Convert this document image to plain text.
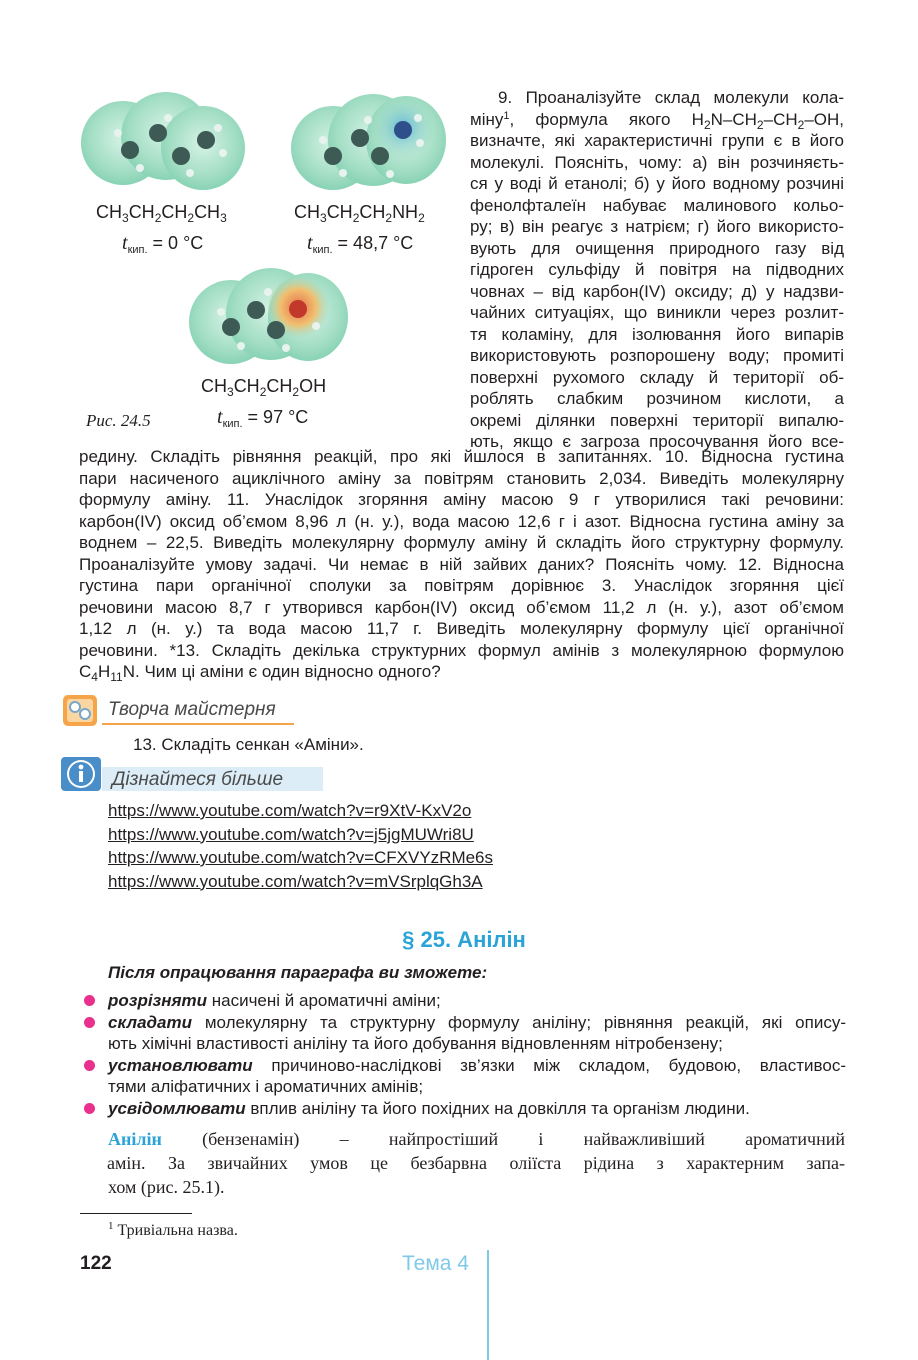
$CH_3CH_2CH_2CH_3$
$t_{кип.} = 0$ °C
$CH_3CH_2CH_2NH_2$
$t_{кип.} = 48,7$ °C
$CH_3CH_2CH_2OH$
$t_{кип.} = 97$ °C
Рис. 24.5
9. Проаналізуйте склад молекули кола-
міну$^1$, формула якого $H_2N-CH_2-CH_2-OH$,
визначте, які характеристичні групи є в його
молекулі. Поясніть, чому: а) він розчиняєть-
ся у воді й етанолі; б) у його водному розчині
фенолфталеїн набуває малинового кольо-
ру; в) він реагує з натрієм; г) його використо-
вують для очищення природного газу від
гідроген сульфіду й повітря на підводних
човнах – від карбон(IV) оксиду; д) у надзви-
чайних ситуаціях, що виникли через розлит-
тя коламіну, для ізолювання його випарів
використовують розпорошену воду; промиті
поверхні рухомого складу й території об-
роблять слабким розчином кислоти, а
окремі ділянки поверхні території випалю-
ють, якщо є загроза просочування його все-
редину. Складіть рівняння реакцій, про які йшлося в запитаннях. 10. Відносна густина
пари насиченого ациклічного аміну за повітрям становить 2,034. Виведіть молекулярну
формулу аміну. 11. Унаслідок згоряння аміну масою 9 г утворилися такі речовини:
карбон(IV) оксид об’ємом 8,96 л (н. у.), вода масою 12,6 г і азот. Відносна густина аміну за
воднем – 22,5. Виведіть молекулярну формулу аміну й складіть його структурну формулу.
Проаналізуйте умову задачі. Чи немає в ній зайвих даних? Поясніть чому. 12. Відносна
густина пари органічної сполуки за повітрям дорівнює 3. Унаслідок згоряння цієї
речовини масою 8,7 г утворився карбон(IV) оксид об’ємом 11,2 л (н. у.), азот об’ємом
1,12 л (н. у.) та вода масою 11,7 г. Виведіть молекулярну формулу цієї органічної
речовини. *13. Складіть декілька структурних формул амінів з молекулярною формулою
$C_4H_{11}N$. Чим ці аміни є один відносно одного?
Творча майстерня
13. Складіть сенкан «Аміни».
Дізнайтеся більше
https://www.youtube.com/watch?v=r9XtV-KxV2o
https://www.youtube.com/watch?v=j5jgMUWri8U
https://www.youtube.com/watch?v=CFXVYzRMe6s
https://www.youtube.com/watch?v=mVSrplqGh3A
§ 25. Анілін
Після опрацювання параграфа ви зможете:
розрізняти насичені й ароматичні аміни;
складати молекулярну та структурну формулу аніліну; рівняння реакцій, які опису-
ють хімічні властивості аніліну та його добування відновленням нітробензену;
установлювати причиново-наслідкові зв’язки між складом, будовою, властивос-
тями аліфатичних і ароматичних амінів;
усвідомлювати вплив аніліну та його похідних на довкілля та організм людини.
Анілін (бензенамін) – найпростіший і найважливіший ароматичний
амін. За звичайних умов це безбарвна оліїста рідина з характерним запа-
хом (рис. 25.1).
$^1$ Тривіальна назва.
122	Тема 4
